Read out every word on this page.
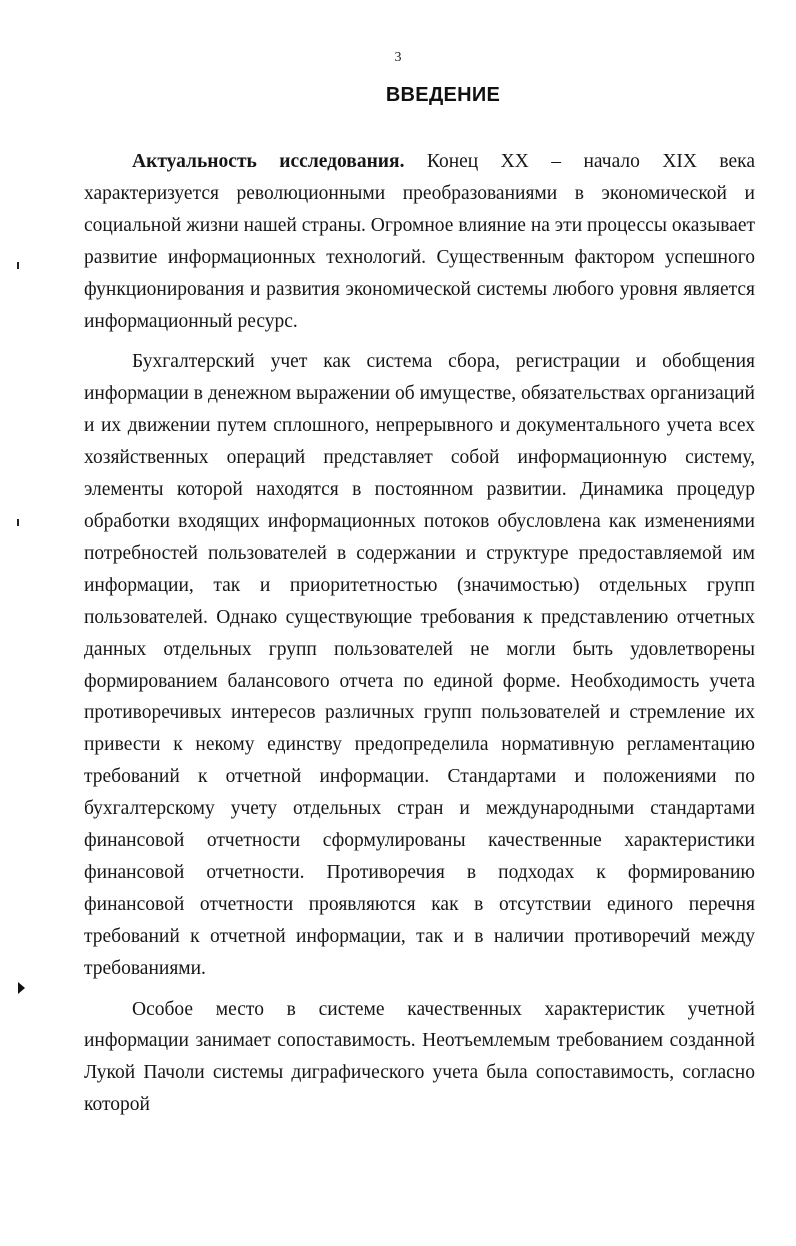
3
ВВЕДЕНИЕ

Актуальность исследования. Конец XX – начало XIX века характеризуется революционными преобразованиями в экономической и социальной жизни нашей страны. Огромное влияние на эти процессы оказывает развитие информационных технологий. Существенным фактором успешного функционирования и развития экономической системы любого уровня является информационный ресурс.

Бухгалтерский учет как система сбора, регистрации и обобщения информации в денежном выражении об имуществе, обязательствах организаций и их движении путем сплошного, непрерывного и документального учета всех хозяйственных операций представляет собой информационную систему, элементы которой находятся в постоянном развитии. Динамика процедур обработки входящих информационных потоков обусловлена как изменениями потребностей пользователей в содержании и структуре предоставляемой им информации, так и приоритетностью (значимостью) отдельных групп пользователей. Однако существующие требования к представлению отчетных данных отдельных групп пользователей не могли быть удовлетворены формированием балансового отчета по единой форме. Необходимость учета противоречивых интересов различных групп пользователей и стремление их привести к некому единству предопределила нормативную регламентацию требований к отчетной информации. Стандартами и положениями по бухгалтерскому учету отдельных стран и международными стандартами финансовой отчетности сформулированы качественные характеристики финансовой отчетности. Противоречия в подходах к формированию финансовой отчетности проявляются как в отсутствии единого перечня требований к отчетной информации, так и в наличии противоречий между требованиями.

Особое место в системе качественных характеристик учетной информации занимает сопоставимость. Неотъемлемым требованием созданной Лукой Пачоли системы диграфического учета была сопоставимость, согласно которой
